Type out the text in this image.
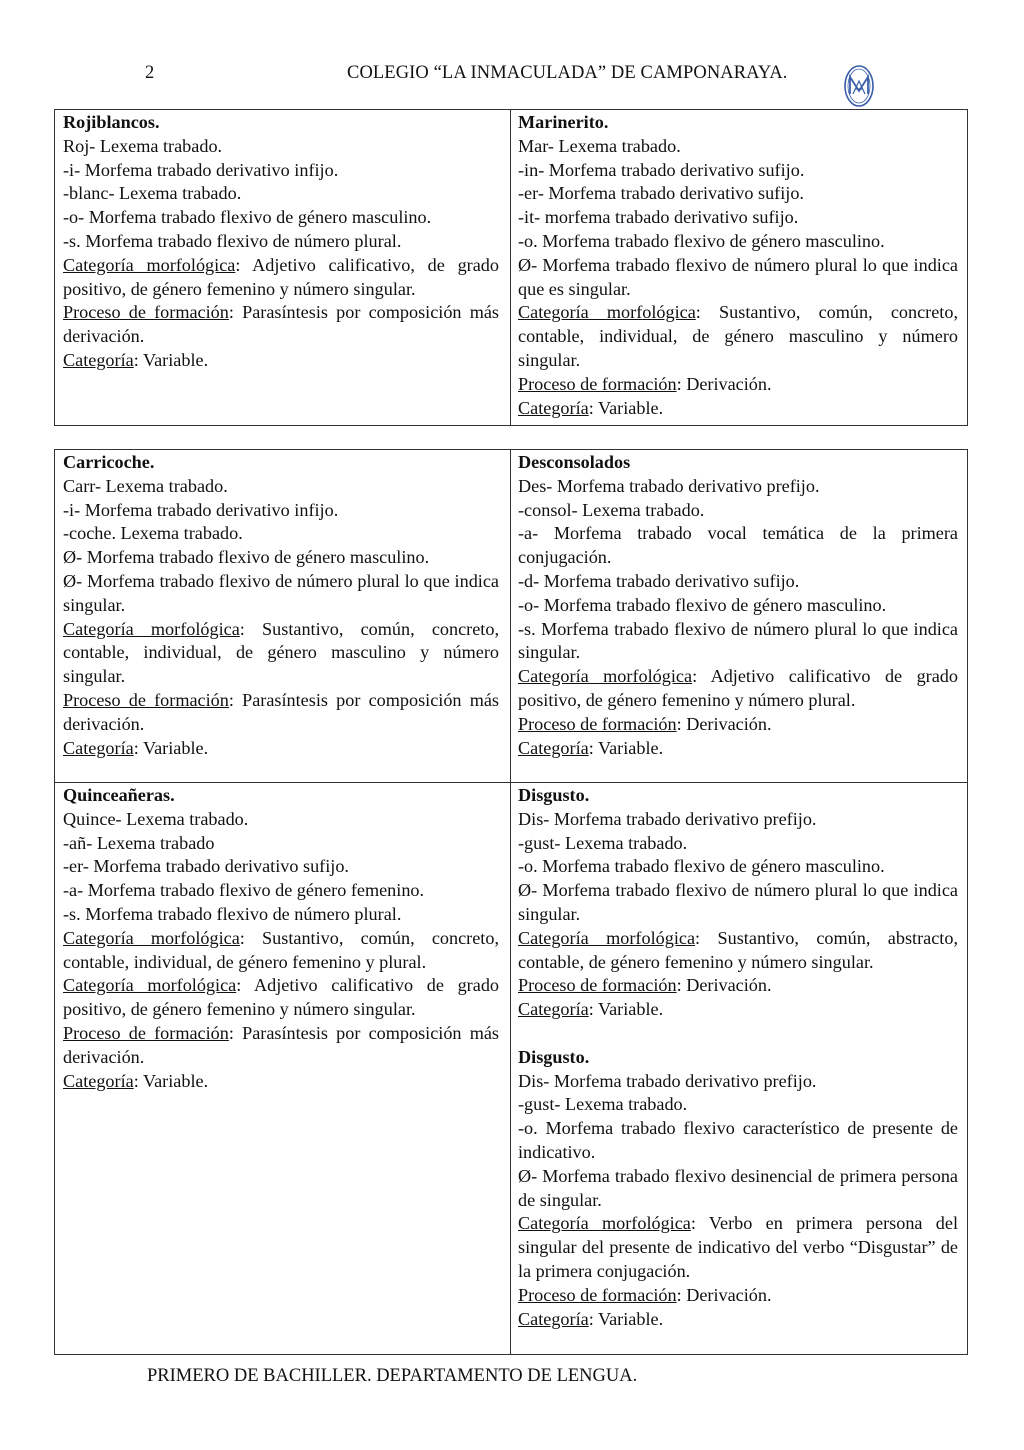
2	COLEGIO “LA INMACULADA” DE CAMPONARAYA.

Rojiblancos.

Roj- Lexema trabado.

-i- Morfema trabado derivativo infijo.

-blanc- Lexema trabado.

-o- Morfema trabado flexivo de género masculino.

-s. Morfema trabado flexivo de número plural.

Categoría morfológica: Adjetivo calificativo, de grado positivo, de género femenino y número singular.

Proceso de formación: Parasíntesis por composición más derivación.

Categoría: Variable.

Marinerito.

Mar- Lexema trabado.

-in- Morfema trabado derivativo sufijo.

-er- Morfema trabado derivativo sufijo.

-it- morfema trabado derivativo sufijo.

-o. Morfema trabado flexivo de género masculino.

Ø- Morfema trabado flexivo de número plural lo que indica que es singular.

Categoría morfológica: Sustantivo, común, concreto, contable, individual, de género masculino y número singular.

Proceso de formación: Derivación.

Categoría: Variable.

Carricoche.

Carr- Lexema trabado.

-i- Morfema trabado derivativo infijo.

-coche. Lexema trabado.

Ø- Morfema trabado flexivo de género masculino.

Ø- Morfema trabado flexivo de número plural lo que indica singular.

Categoría morfológica: Sustantivo, común, concreto, contable, individual, de género masculino y número singular.

Proceso de formación: Parasíntesis por composición más derivación.

Categoría: Variable.

Desconsolados

Des- Morfema trabado derivativo prefijo.

-consol- Lexema trabado.

-a- Morfema trabado vocal temática de la primera conjugación.

-d- Morfema trabado derivativo sufijo.

-o- Morfema trabado flexivo de género masculino.

-s. Morfema trabado flexivo de número plural lo que indica singular.

Categoría morfológica: Adjetivo calificativo de grado positivo, de género femenino y número plural.

Proceso de formación: Derivación.

Categoría: Variable.

Quinceañeras.

Quince- Lexema trabado.

-añ- Lexema trabado

-er- Morfema trabado derivativo sufijo.

-a- Morfema trabado flexivo de género femenino.

-s. Morfema trabado flexivo de número plural.

Categoría morfológica: Sustantivo, común, concreto, contable, individual, de género femenino y plural.

Categoría morfológica: Adjetivo calificativo de grado positivo, de género femenino y número singular.

Proceso de formación: Parasíntesis por composición más derivación.

Categoría: Variable.

Disgusto.

Dis- Morfema trabado derivativo prefijo.

-gust- Lexema trabado.

-o. Morfema trabado flexivo de género masculino.

Ø- Morfema trabado flexivo de número plural lo que indica singular.

Categoría morfológica: Sustantivo, común, abstracto, contable, de género femenino y número singular.

Proceso de formación: Derivación.

Categoría: Variable.

Disgusto.

Dis- Morfema trabado derivativo prefijo.

-gust- Lexema trabado.

-o. Morfema trabado flexivo característico de presente de indicativo.

Ø- Morfema trabado flexivo desinencial de primera persona de singular.

Categoría morfológica: Verbo en primera persona del singular del presente de indicativo del verbo “Disgustar” de la primera conjugación.

Proceso de formación: Derivación.

Categoría: Variable.

PRIMERO DE BACHILLER. DEPARTAMENTO DE LENGUA.
